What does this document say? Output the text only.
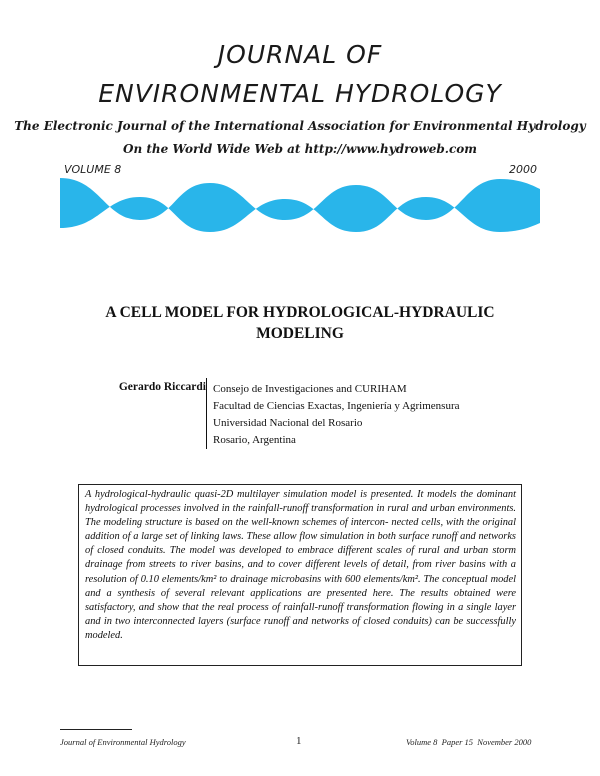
JOURNAL OF
ENVIRONMENTAL HYDROLOGY
The Electronic Journal of the International Association for Environmental Hydrology
On the World Wide Web at http://www.hydroweb.com
VOLUME 8	2000
A CELL MODEL FOR HYDROLOGICAL-HYDRAULIC
MODELING
Gerardo Riccardi Consejo de Investigaciones and CURIHAM
Facultad de Ciencias Exactas, Ingeniería y Agrimensura
Universidad Nacional del Rosario
Rosario, Argentina

A hydrological-hydraulic quasi-2D multilayer simulation model is presented. It models the dominant hydrological processes involved in the rainfall-runoff transformation in rural and urban environments. The modeling structure is based on the well-known schemes of intercon- nected cells, with the original addition of a large set of linking laws. These allow flow simulation in both surface runoff and networks of closed conduits. The model was developed to embrace different scales of rural and urban storm drainage from streets to river basins, and to cover different levels of detail, from river basins with a resolution of 0.10 elements/km² to drainage microbasins with 600 elements/km². The conceptual model and a synthesis of several relevant applications are presented here. The results obtained were satisfactory, and show that the real process of rainfall-runoff transformation flowing in a single layer and in two interconnected layers (surface runoff and networks of closed conduits) can be successfully modeled.

Journal of Environmental Hydrology	1	Volume 8  Paper 15  November 2000
